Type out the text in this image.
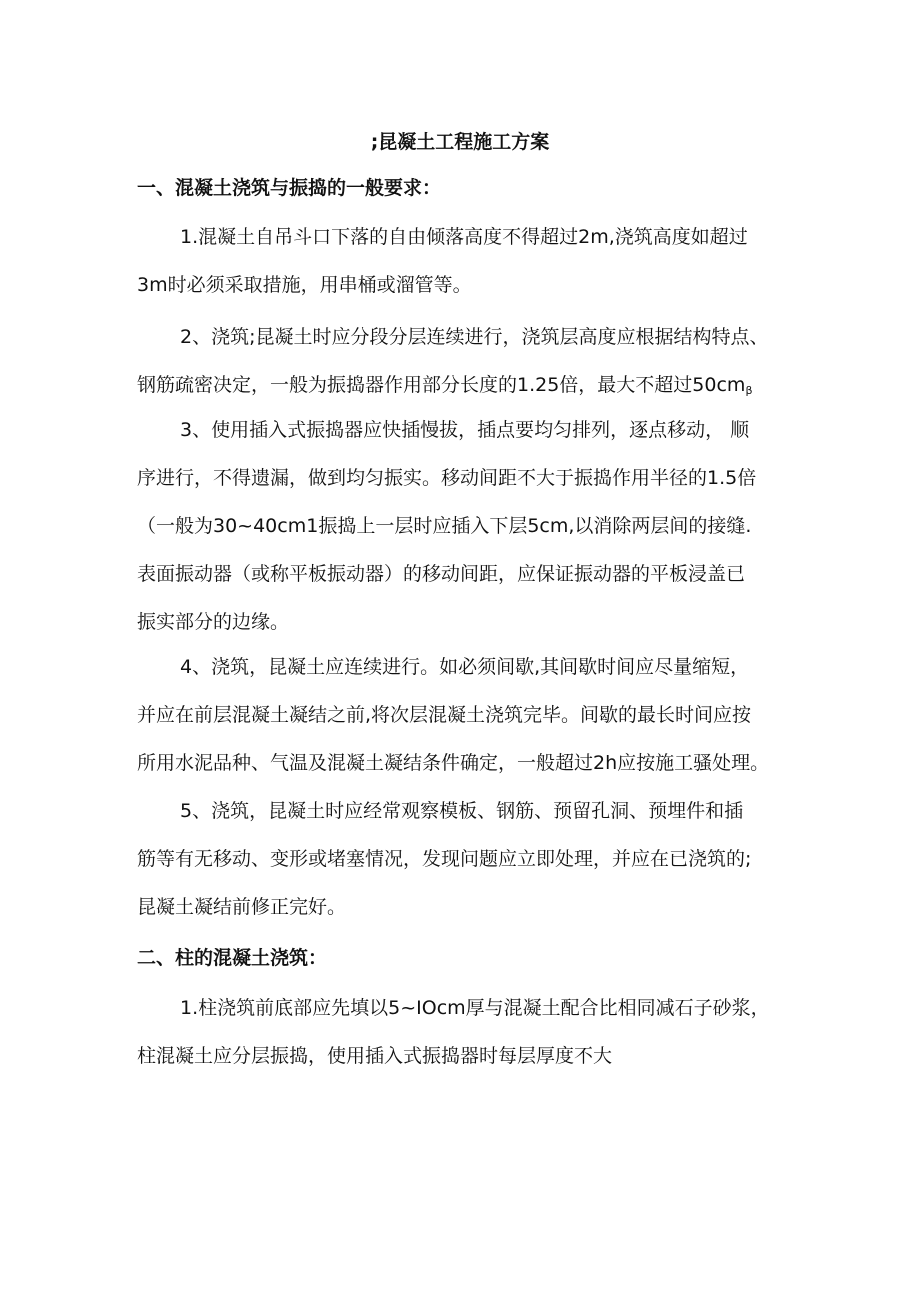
;昆凝土工程施工方案
一、混凝土浇筑与振捣的一般要求：
1.混凝土自吊斗口下落的自由倾落高度不得超过2m,浇筑高度如超过
3m时必须采取措施，用串桶或溜管等。
2、浇筑;昆凝土时应分段分层连续进行，浇筑层高度应根据结构特点、
钢筋疏密决定，一般为振捣器作用部分长度的1.25倍，最大不超过$50cm_\beta$
3、使用插入式振捣器应快插慢拔，插点要均匀排列，逐点移动， 顺
序进行，不得遗漏，做到均匀振实。移动间距不大于振捣作用半径的1.5倍
（一般为30~40cm1振捣上一层时应插入下层5cm,以消除两层间的接缝.
表面振动器（或称平板振动器）的移动间距，应保证振动器的平板浸盖已
振实部分的边缘。
4、浇筑，昆凝土应连续进行。如必须间歇,其间歇时间应尽量缩短，
并应在前层混凝土凝结之前,将次层混凝土浇筑完毕。间歇的最长时间应按
所用水泥品种、气温及混凝土凝结条件确定，一般超过2h应按施工骚处理。
5、浇筑，昆凝土时应经常观察模板、钢筋、预留孔洞、预埋件和插
筋等有无移动、变形或堵塞情况，发现问题应立即处理，并应在已浇筑的;
昆凝土凝结前修正完好。
二、柱的混凝土浇筑：
1.柱浇筑前底部应先填以5~IOcm厚与混凝土配合比相同减石子砂浆，
柱混凝土应分层振捣，使用插入式振捣器时每层厚度不大
